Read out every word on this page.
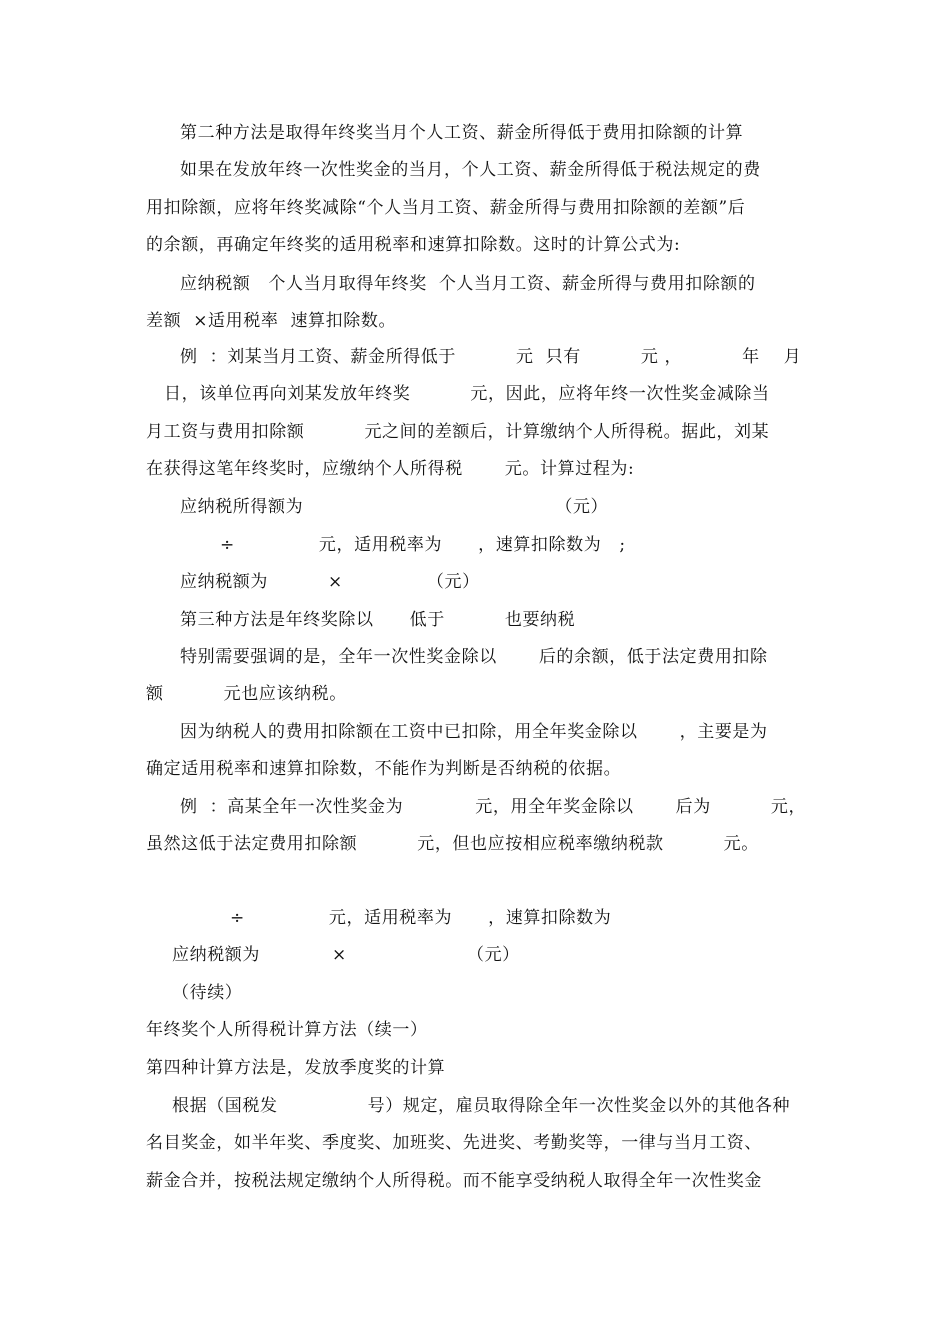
第二种方法是取得年终奖当月个人工资、薪金所得低于费用扣除额的计算
如果在发放年终一次性奖金的当月，个人工资、薪金所得低于税法规定的费
用扣除额，应将年终奖减除“个人当月工资、薪金所得与费用扣除额的差额”后
的余额，再确定年终奖的适用税率和速算扣除数。这时的计算公式为:
应纳税额   个人当月取得年终奖  个人当月工资、薪金所得与费用扣除额的
差额  ×适用税率  速算扣除数。
例  ：刘某当月工资、薪金所得低于          元  只有          元 ，          年    月
日，该单位再向刘某发放年终奖          元，因此，应将年终一次性奖金减除当
月工资与费用扣除额          元之间的差额后，计算缴纳个人所得税。据此，刘某
在获得这笔年终奖时，应缴纳个人所得税       元。计算过程为:
应纳税所得额为                                          （元）
÷              元，适用税率为      ，速算扣除数为   ;
应纳税额为          ×              （元）
第三种方法是年终奖除以      低于          也要纳税
特别需要强调的是，全年一次性奖金除以       后的余额，低于法定费用扣除
额          元也应该纳税。
因为纳税人的费用扣除额在工资中已扣除，用全年奖金除以       ，主要是为
确定适用税率和速算扣除数，不能作为判断是否纳税的依据。
例  ：高某全年一次性奖金为            元，用全年奖金除以       后为          元，
虽然这低于法定费用扣除额          元，但也应按相应税率缴纳税款          元。
÷              元，适用税率为      ，速算扣除数为
应纳税额为            ×                    （元）
（待续）
年终奖个人所得税计算方法（续一）
第四种计算方法是，发放季度奖的计算
根据（国税发               号）规定，雇员取得除全年一次性奖金以外的其他各种
名目奖金，如半年奖、季度奖、加班奖、先进奖、考勤奖等，一律与当月工资、
薪金合并，按税法规定缴纳个人所得税。而不能享受纳税人取得全年一次性奖金
